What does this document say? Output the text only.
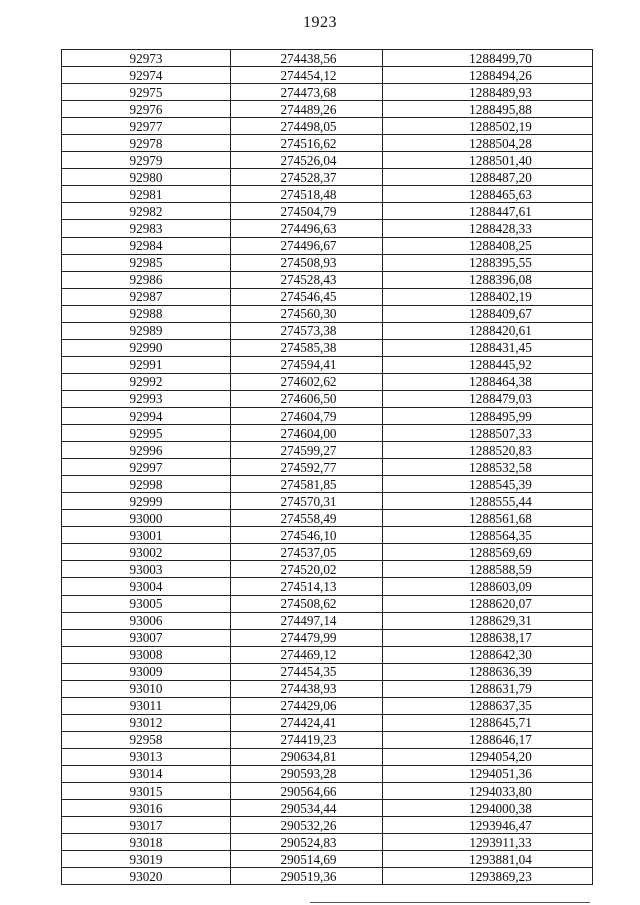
1923
92973	274438,56	1288499,70
92974	274454,12	1288494,26
92975	274473,68	1288489,93
92976	274489,26	1288495,88
92977	274498,05	1288502,19
92978	274516,62	1288504,28
92979	274526,04	1288501,40
92980	274528,37	1288487,20
92981	274518,48	1288465,63
92982	274504,79	1288447,61
92983	274496,63	1288428,33
92984	274496,67	1288408,25
92985	274508,93	1288395,55
92986	274528,43	1288396,08
92987	274546,45	1288402,19
92988	274560,30	1288409,67
92989	274573,38	1288420,61
92990	274585,38	1288431,45
92991	274594,41	1288445,92
92992	274602,62	1288464,38
92993	274606,50	1288479,03
92994	274604,79	1288495,99
92995	274604,00	1288507,33
92996	274599,27	1288520,83
92997	274592,77	1288532,58
92998	274581,85	1288545,39
92999	274570,31	1288555,44
93000	274558,49	1288561,68
93001	274546,10	1288564,35
93002	274537,05	1288569,69
93003	274520,02	1288588,59
93004	274514,13	1288603,09
93005	274508,62	1288620,07
93006	274497,14	1288629,31
93007	274479,99	1288638,17
93008	274469,12	1288642,30
93009	274454,35	1288636,39
93010	274438,93	1288631,79
93011	274429,06	1288637,35
93012	274424,41	1288645,71
92958	274419,23	1288646,17
93013	290634,81	1294054,20
93014	290593,28	1294051,36
93015	290564,66	1294033,80
93016	290534,44	1294000,38
93017	290532,26	1293946,47
93018	290524,83	1293911,33
93019	290514,69	1293881,04
93020	290519,36	1293869,23
